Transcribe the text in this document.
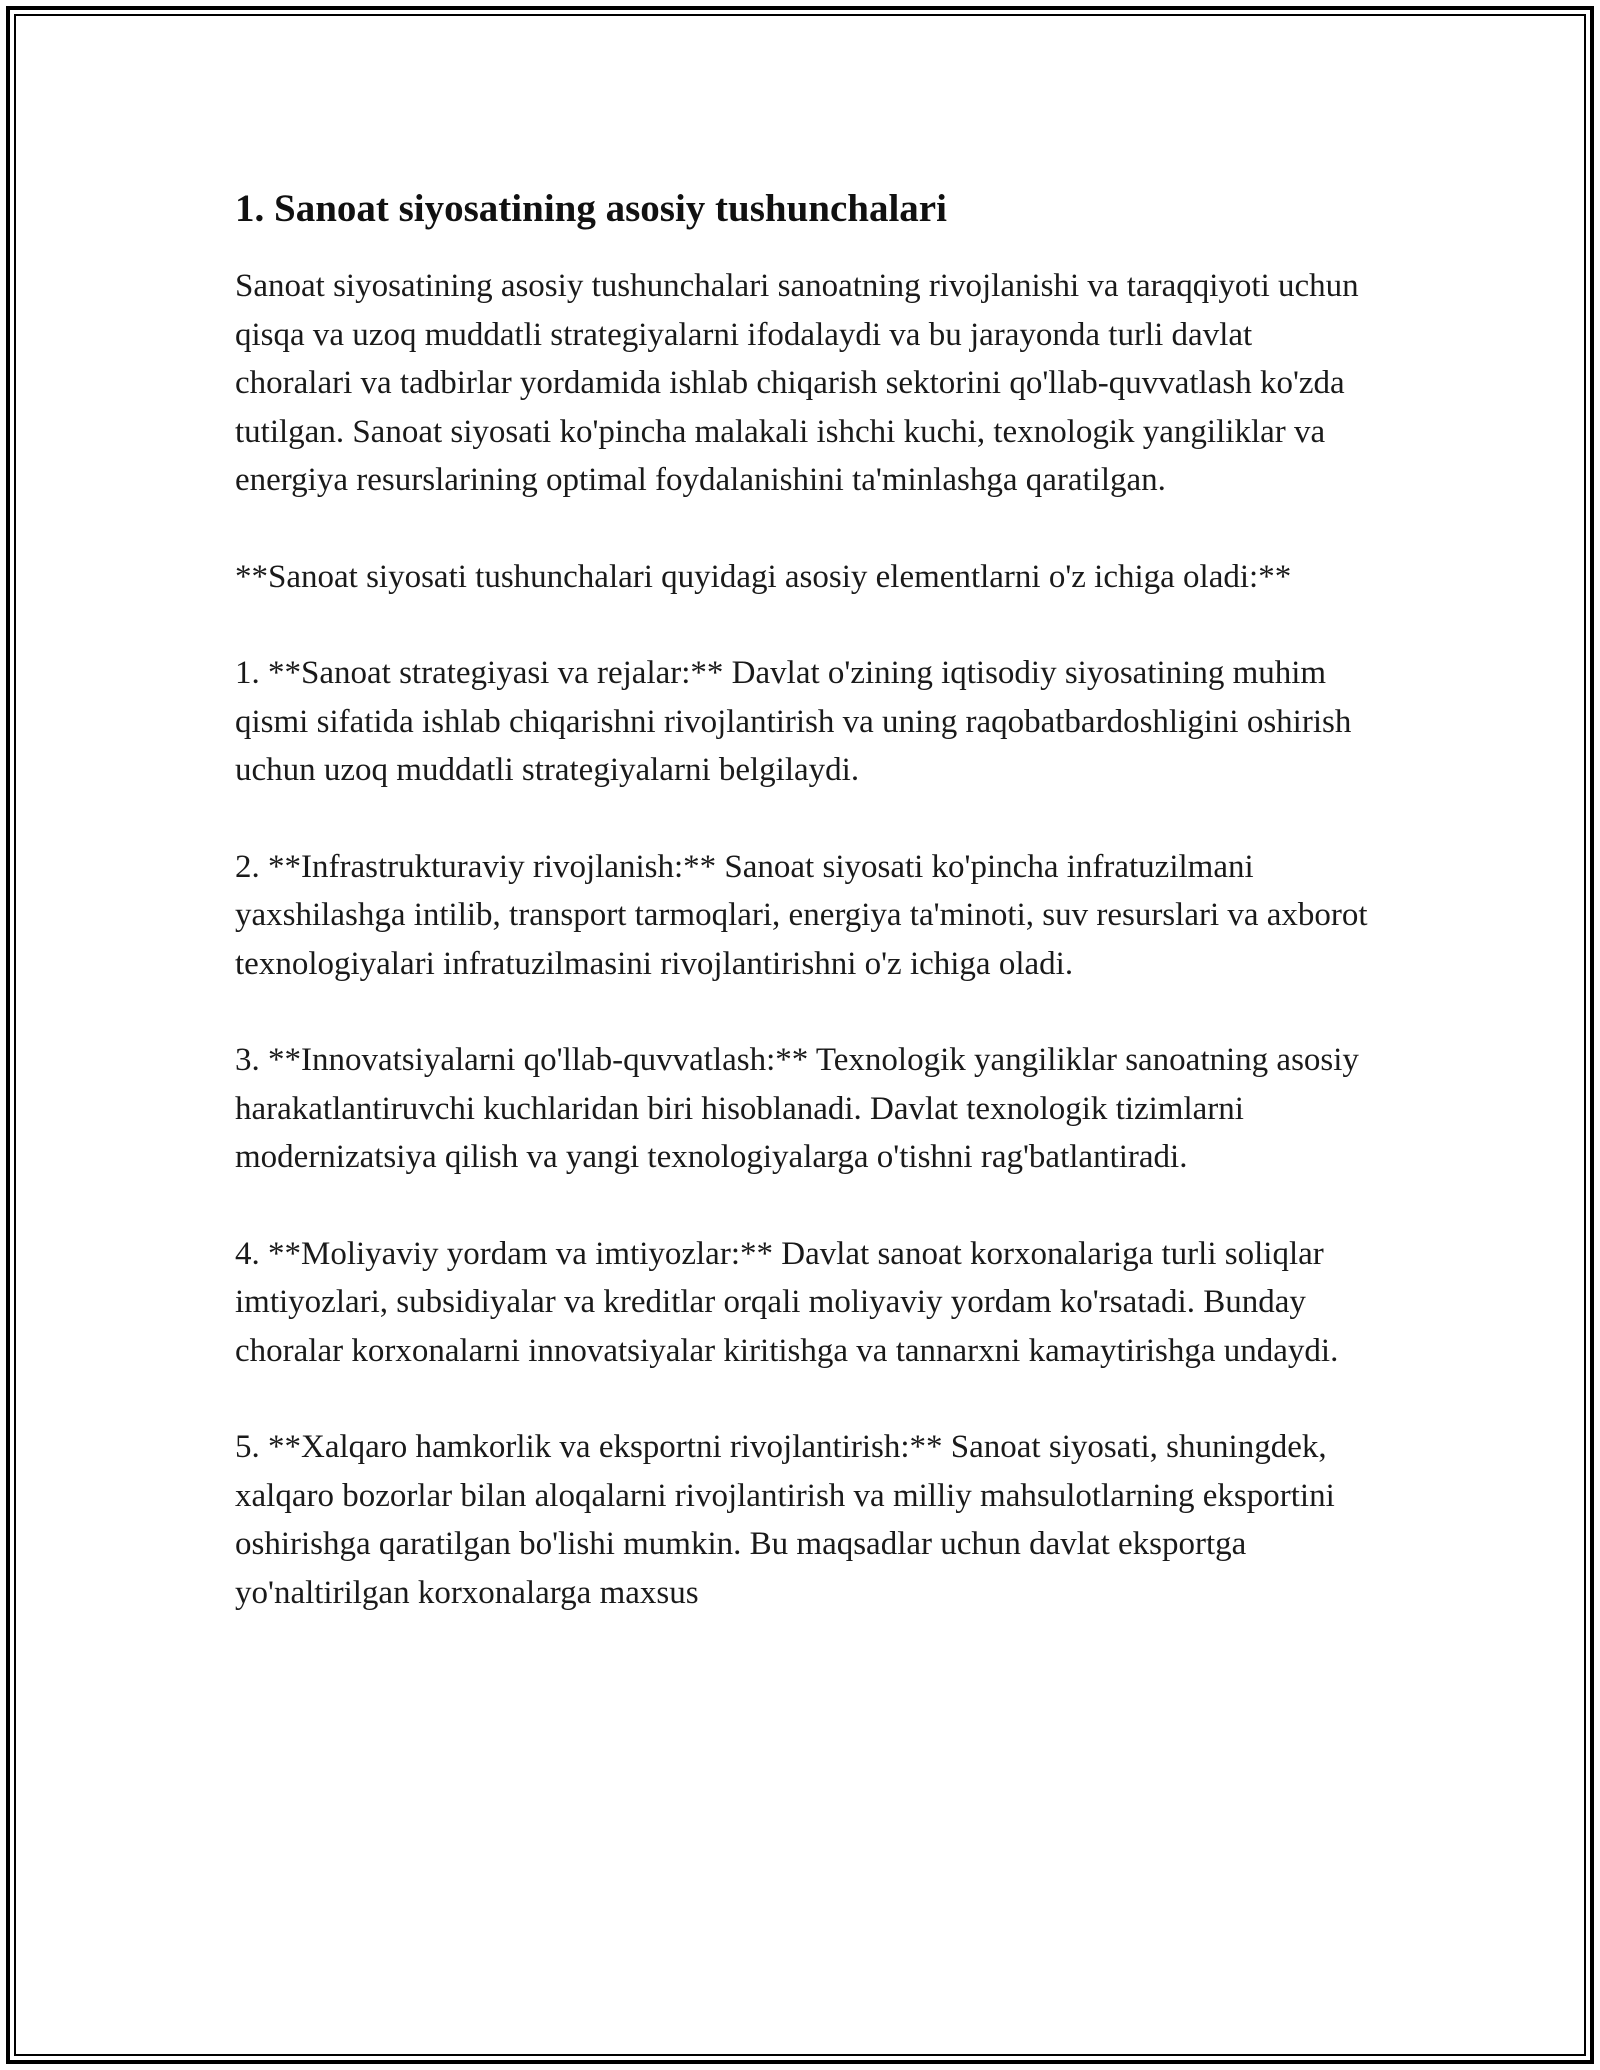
1. Sanoat siyosatining asosiy tushunchalari

Sanoat siyosatining asosiy tushunchalari sanoatning rivojlanishi va taraqqiyoti uchun qisqa va uzoq muddatli strategiyalarni ifodalaydi va bu jarayonda turli davlat choralari va tadbirlar yordamida ishlab chiqarish sektorini qo'llab-quvvatlash ko'zda tutilgan. Sanoat siyosati ko'pincha malakali ishchi kuchi, texnologik yangiliklar va energiya resurslarining optimal foydalanishini ta'minlashga qaratilgan.

**Sanoat siyosati tushunchalari quyidagi asosiy elementlarni o'z ichiga oladi:**

1. **Sanoat strategiyasi va rejalar:** Davlat o'zining iqtisodiy siyosatining muhim qismi sifatida ishlab chiqarishni rivojlantirish va uning raqobatbardoshligini oshirish uchun uzoq muddatli strategiyalarni belgilaydi.

2. **Infrastrukturaviy rivojlanish:** Sanoat siyosati ko'pincha infratuzilmani yaxshilashga intilib, transport tarmoqlari, energiya ta'minoti, suv resurslari va axborot texnologiyalari infratuzilmasini rivojlantirishni o'z ichiga oladi.

3. **Innovatsiyalarni qo'llab-quvvatlash:** Texnologik yangiliklar sanoatning asosiy harakatlantiruvchi kuchlaridan biri hisoblanadi. Davlat texnologik tizimlarni modernizatsiya qilish va yangi texnologiyalarga o'tishni rag'batlantiradi.

4. **Moliyaviy yordam va imtiyozlar:** Davlat sanoat korxonalariga turli soliqlar imtiyozlari, subsidiyalar va kreditlar orqali moliyaviy yordam ko'rsatadi. Bunday choralar korxonalarni innovatsiyalar kiritishga va tannarxni kamaytirishga undaydi.

5. **Xalqaro hamkorlik va eksportni rivojlantirish:** Sanoat siyosati, shuningdek, xalqaro bozorlar bilan aloqalarni rivojlantirish va milliy mahsulotlarning eksportini oshirishga qaratilgan bo'lishi mumkin. Bu maqsadlar uchun davlat eksportga yo'naltirilgan korxonalarga maxsus
